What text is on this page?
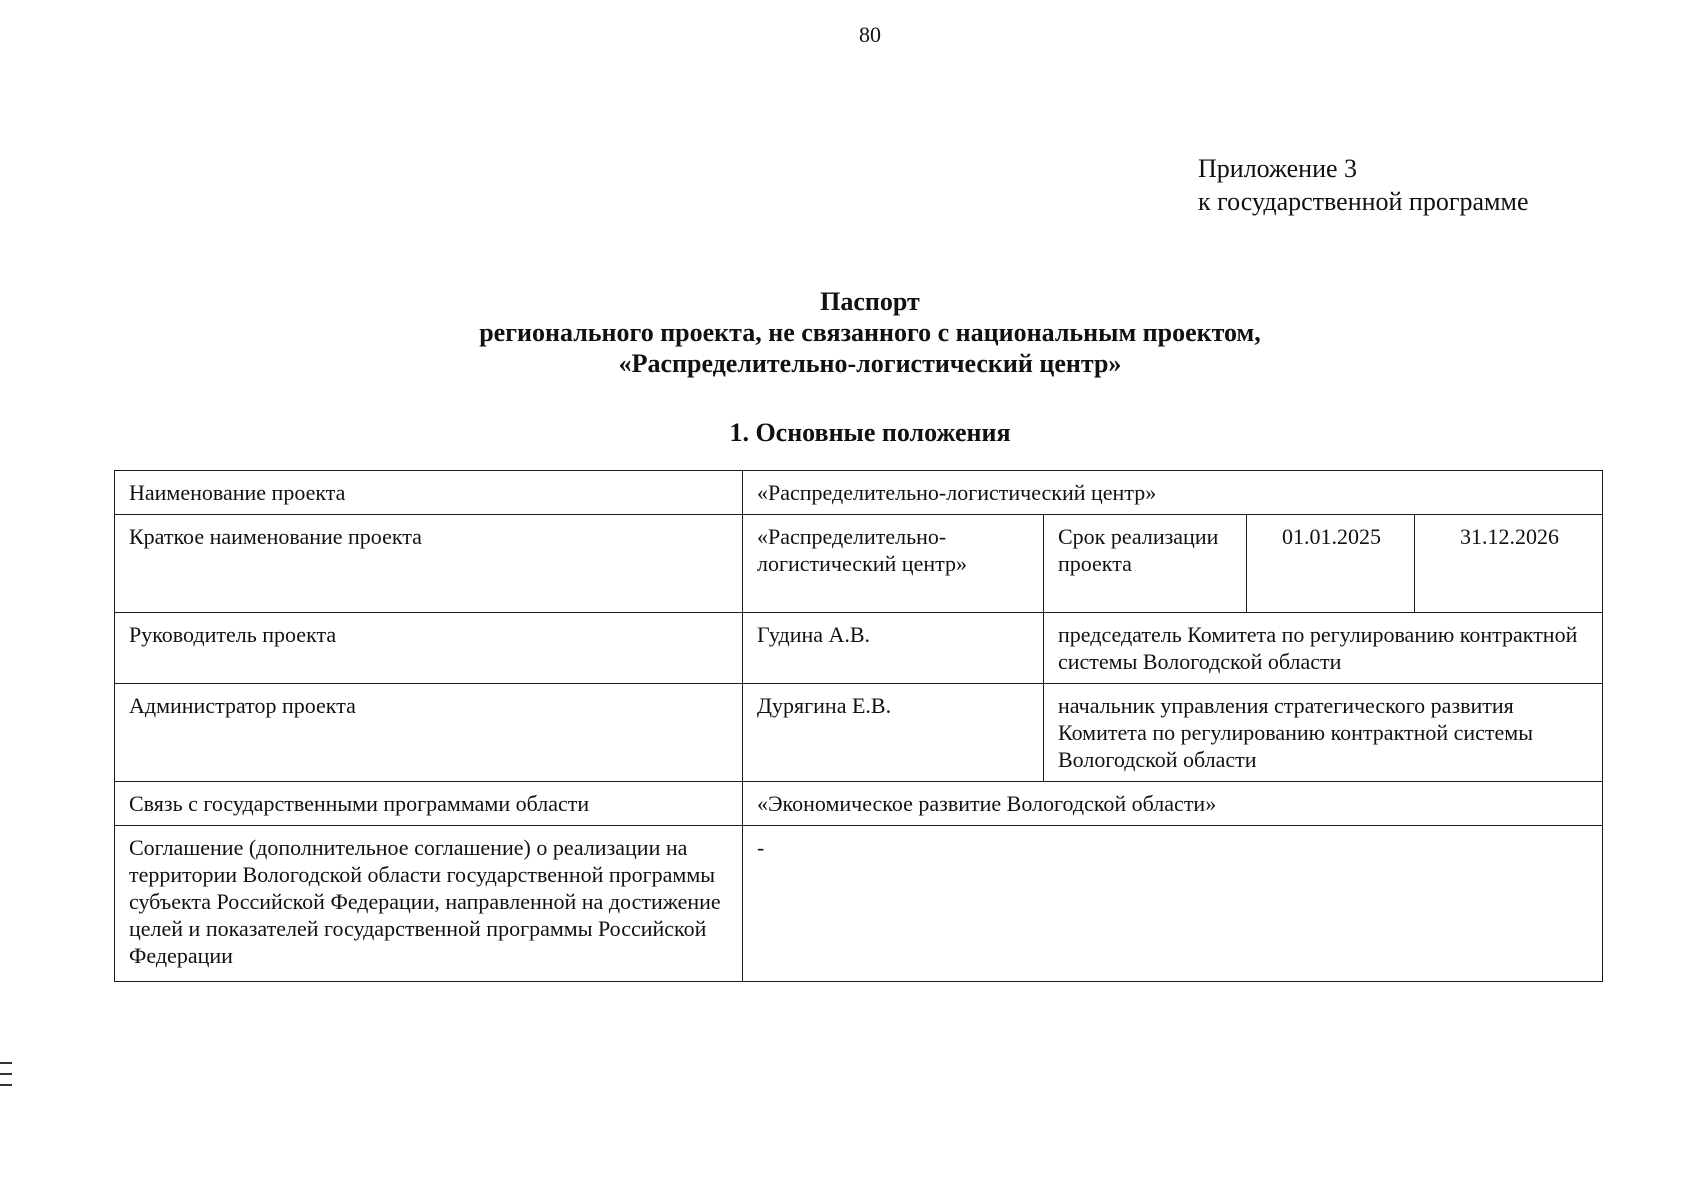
80
Приложение 3
к государственной программе
Паспорт
регионального проекта, не связанного с национальным проектом,
«Распределительно-логистический центр»
1. Основные положения
Наименование проекта	«Распределительно-логистический центр»			
Краткое наименование проекта	«Распределительно-логистический центр»	Срок реализации проекта	01.01.2025	31.12.2026
Руководитель проекта	Гудина А.В.	председатель Комитета по регулированию контрактной системы Вологодской области		
Администратор проекта	Дурягина Е.В.	начальник управления стратегического развития Комитета по регулированию контрактной системы Вологодской области		
Связь с государственными программами области	«Экономическое развитие Вологодской области»			
Соглашение (дополнительное соглашение) о реализации на территории Вологодской области государственной программы субъекта Российской Федерации, направленной на достижение целей и показателей государственной программы Российской Федерации	-			
